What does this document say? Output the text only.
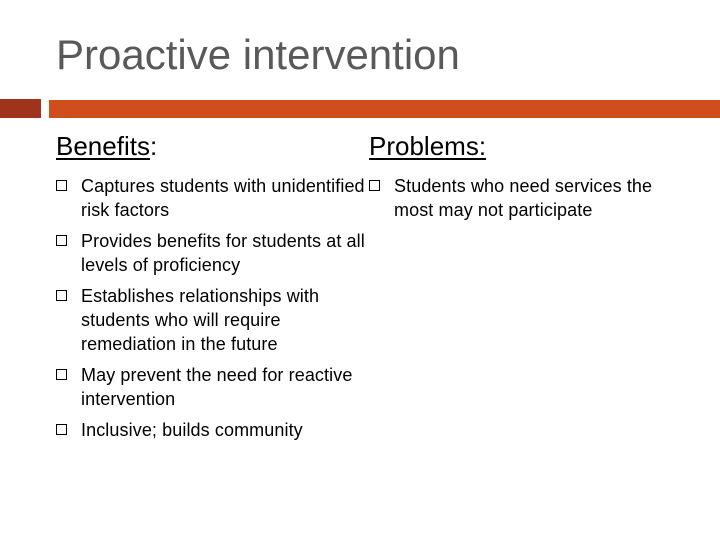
Proactive intervention
Benefits:	Problems:
Captures students with unidentified risk factors
Provides benefits for students at all levels of proficiency
Establishes relationships with students who will require remediation in the future
May prevent the need for reactive intervention
Inclusive; builds community
Students who need services the most may not participate
